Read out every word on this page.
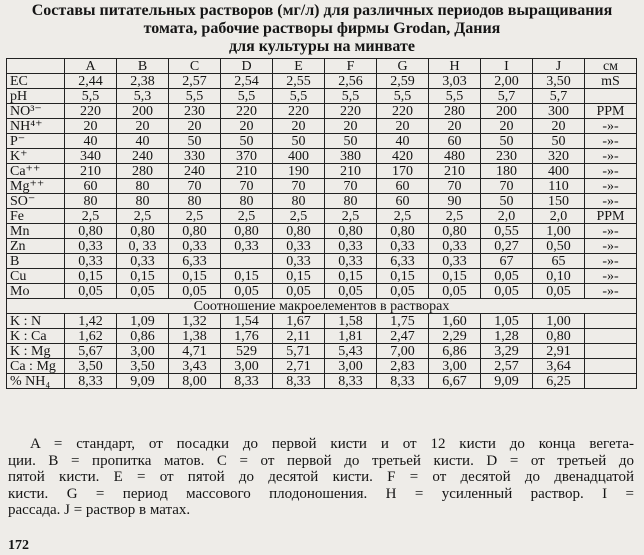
Составы питательных растворов (мг/л) для различных периодов выращивания
томата, рабочие растворы фирмы Grodan, Дания
для культуры на минвате
	A	B	C	D	E	F	G	H	I	J	см
EC	2,44	2,38	2,57	2,54	2,55	2,56	2,59	3,03	2,00	3,50	mS
pH	5,5	5,3	5,5	5,5	5,5	5,5	5,5	5,5	5,7	5,7	
NO³⁻	220	200	230	220	220	220	220	280	200	300	PPM
NH⁴⁺	20	20	20	20	20	20	20	20	20	20	-»-
P⁻	40	40	50	50	50	50	40	60	50	50	-»-
K⁺	340	240	330	370	400	380	420	480	230	320	-»-
Ca⁺⁺	210	280	240	210	190	210	170	210	180	400	-»-
Mg⁺⁺	60	80	70	70	70	70	60	70	70	110	-»-
SO⁻	80	80	80	80	80	80	60	90	50	150	-»-
Fe	2,5	2,5	2,5	2,5	2,5	2,5	2,5	2,5	2,0	2,0	PPM
Mn	0,80	0,80	0,80	0,80	0,80	0,80	0,80	0,80	0,55	1,00	-»-
Zn	0,33	0, 33	0,33	0,33	0,33	0,33	0,33	0,33	0,27	0,50	-»-
B	0,33	0,33	6,33		0,33	0,33	6,33	0,33	67	65	-»-
Cu	0,15	0,15	0,15	0,15	0,15	0,15	0,15	0,15	0,05	0,10	-»-
Mo	0,05	0,05	0,05	0,05	0,05	0,05	0,05	0,05	0,05	0,05	-»-
Соотношение макроелементов в растворах											
K : N	1,42	1,09	1,32	1,54	1,67	1,58	1,75	1,60	1,05	1,00	
K : Ca	1,62	0,86	1,38	1,76	2,11	1,81	2,47	2,29	1,28	0,80	
K : Mg	5,67	3,00	4,71	529	5,71	5,43	7,00	6,86	3,29	2,91	
Ca : Mg	3,50	3,50	3,43	3,00	2,71	3,00	2,83	3,00	2,57	3,64	
% NH₄	8,33	9,09	8,00	8,33	8,33	8,33	8,33	6,67	9,09	6,25	
A = стандарт, от посадки до первой кисти и от 12 кисти до конца вегета-
ции. B = пропитка матов. C = от первой до третьей кисти. D = от третьей до
пятой кисти. E = от пятой до десятой кисти. F = от десятой до двенадцатой
кисти. G = период массового плодоношения. H = усиленный раствор. I =
рассада. J = раствор в матах.
172
